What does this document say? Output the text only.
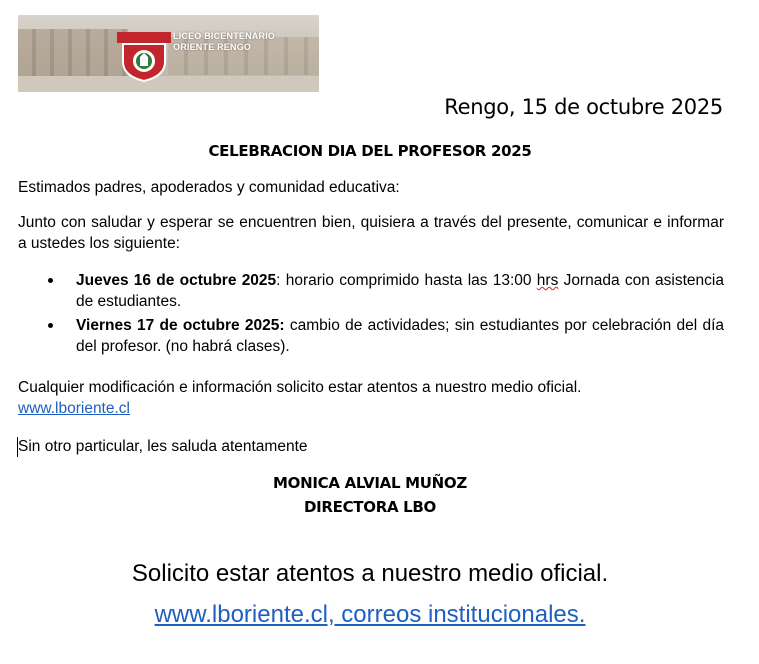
LICEO BICENTENARIO
ORIENTE RENGO
Rengo, 15 de octubre 2025
CELEBRACION DIA DEL PROFESOR 2025
Estimados padres, apoderados y comunidad educativa:
Junto con saludar y esperar se encuentren bien, quisiera a través del presente, comunicar e informar a ustedes los siguiente:
Jueves 16 de octubre 2025: horario comprimido hasta las 13:00 hrs Jornada con asistencia de estudiantes.
Viernes 17 de octubre 2025: cambio de actividades; sin estudiantes por celebración del día del profesor. (no habrá clases).
Cualquier modificación e información solicito estar atentos a nuestro medio oficial.
www.lboriente.cl
Sin otro particular, les saluda atentamente
MONICA ALVIAL MUÑOZ
DIRECTORA LBO
Solicito estar atentos a nuestro medio oficial.
www.lboriente.cl, correos institucionales.
